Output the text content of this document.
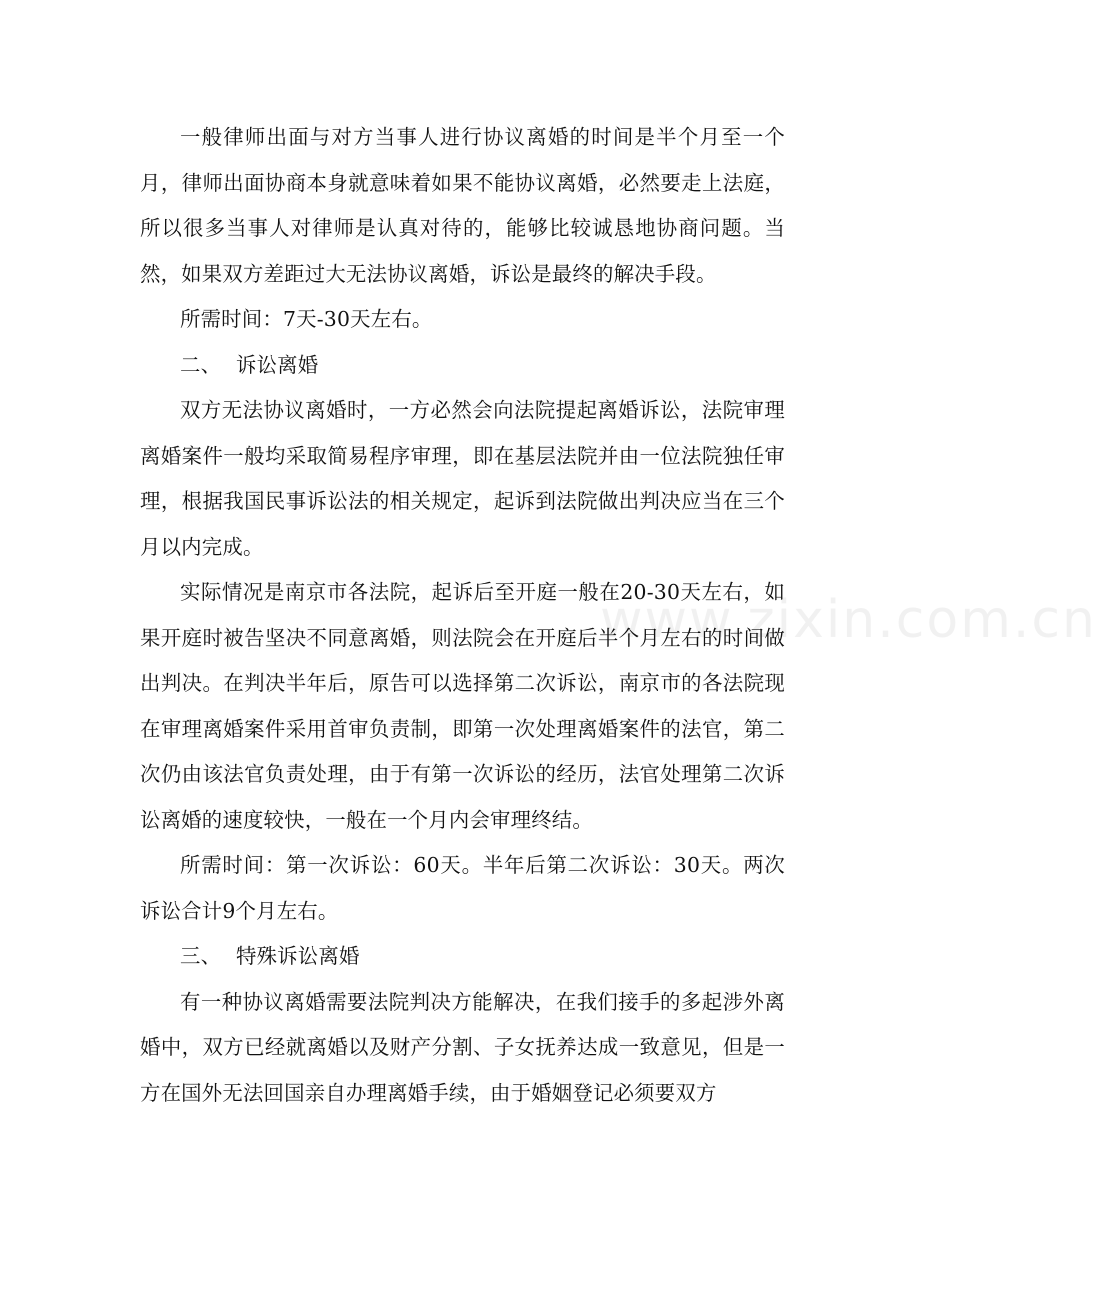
www.zixin.com.cn

一般律师出面与对方当事人进行协议离婚的时间是半个月至一个月，律师出面协商本身就意味着如果不能协议离婚，必然要走上法庭，所以很多当事人对律师是认真对待的，能够比较诚恳地协商问题。当然，如果双方差距过大无法协议离婚，诉讼是最终的解决手段。

所需时间：7天-30天左右。

二、 诉讼离婚

双方无法协议离婚时，一方必然会向法院提起离婚诉讼，法院审理离婚案件一般均采取简易程序审理，即在基层法院并由一位法院独任审理，根据我国民事诉讼法的相关规定，起诉到法院做出判决应当在三个月以内完成。

实际情况是南京市各法院，起诉后至开庭一般在20-30天左右，如果开庭时被告坚决不同意离婚，则法院会在开庭后半个月左右的时间做出判决。在判决半年后，原告可以选择第二次诉讼，南京市的各法院现在审理离婚案件采用首审负责制，即第一次处理离婚案件的法官，第二次仍由该法官负责处理，由于有第一次诉讼的经历，法官处理第二次诉讼离婚的速度较快，一般在一个月内会审理终结。

所需时间：第一次诉讼：60天。半年后第二次诉讼：30天。两次诉讼合计9个月左右。

三、 特殊诉讼离婚

有一种协议离婚需要法院判决方能解决，在我们接手的多起涉外离婚中，双方已经就离婚以及财产分割、子女抚养达成一致意见，但是一方在国外无法回国亲自办理离婚手续，由于婚姻登记必须要双方
